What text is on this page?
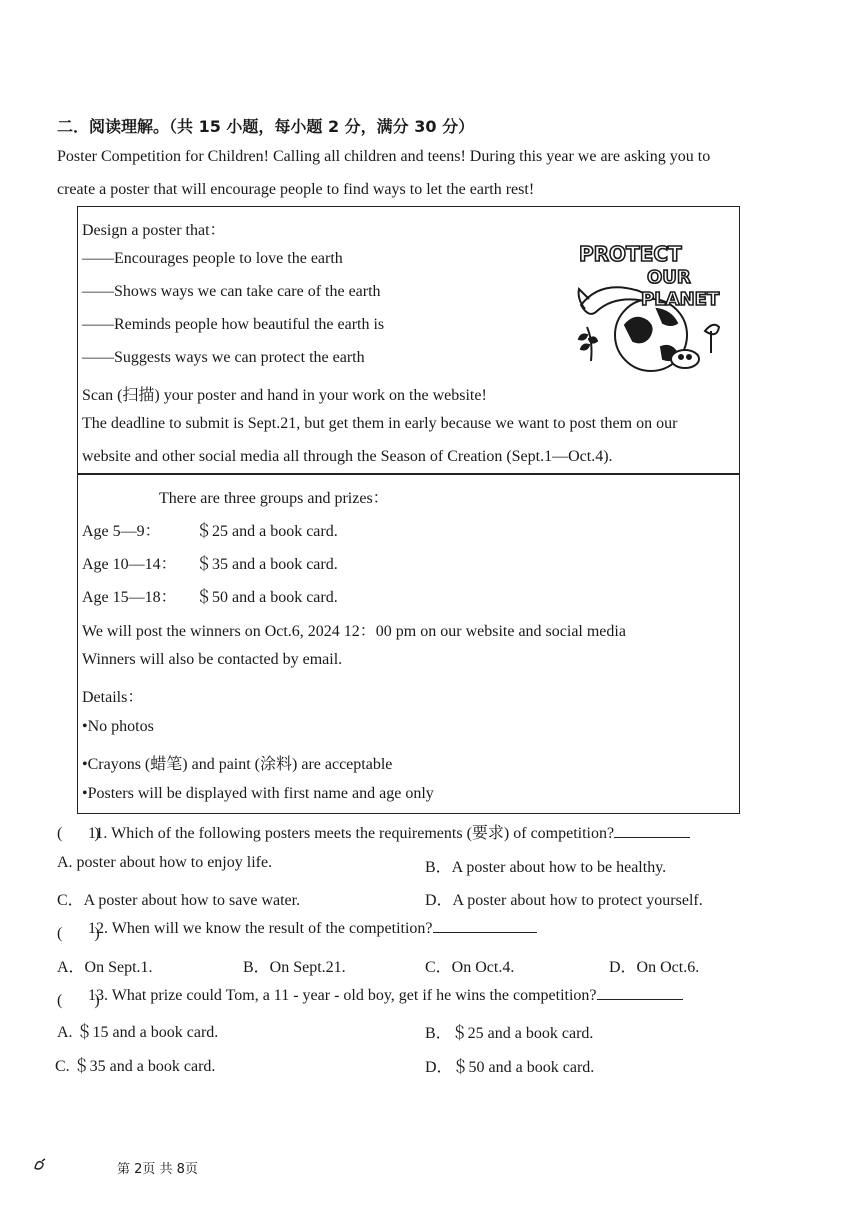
二．阅读理解。（共 15 小题，每小题 2 分，满分 30 分）
Poster Competition for Children! Calling all children and teens! During this year we are asking you to
create a poster that will encourage people to find ways to let the earth rest!
Design a poster that：
——Encourages people to love the earth
——Shows ways we can take care of the earth
——Reminds people how beautiful the earth is
——Suggests ways we can protect the earth
Scan (扫描) your poster and hand in your work on the website!
The deadline to submit is Sept.21, but get them in early because we want to post them on our
website and other social media all through the Season of Creation (Sept.1—Oct.4).
PROTECT
OUR
PLANET
There are three groups and prizes：
Age 5—9： ＄25 and a book card.
Age 10—14： ＄35 and a book card.
Age 15—18： ＄50 and a book card.
We will post the winners on Oct.6, 2024 12：00 pm on our website and social media
Winners will also be contacted by email.
Details：
•No photos
•Crayons (蜡笔) and paint (涂料) are acceptable
•Posters will be displayed with first name and age only
(　　)
11. Which of the following posters meets the requirements (要求) of competition?
A. poster about how to enjoy life.	B．A poster about how to be healthy.
C．A poster about how to save water.	D．A poster about how to protect yourself.
(　　)
12. When will we know the result of the competition?
A．On Sept.1.	B．On Sept.21.	C．On Oct.4.	D．On Oct.6.
(　　)
13. What prize could Tom, a 11 - year - old boy, get if he wins the competition?
A. ＄15 and a book card.	B．＄25 and a book card.
C. ＄35 and a book card.	D．＄50 and a book card.
第 2页 共 8页
